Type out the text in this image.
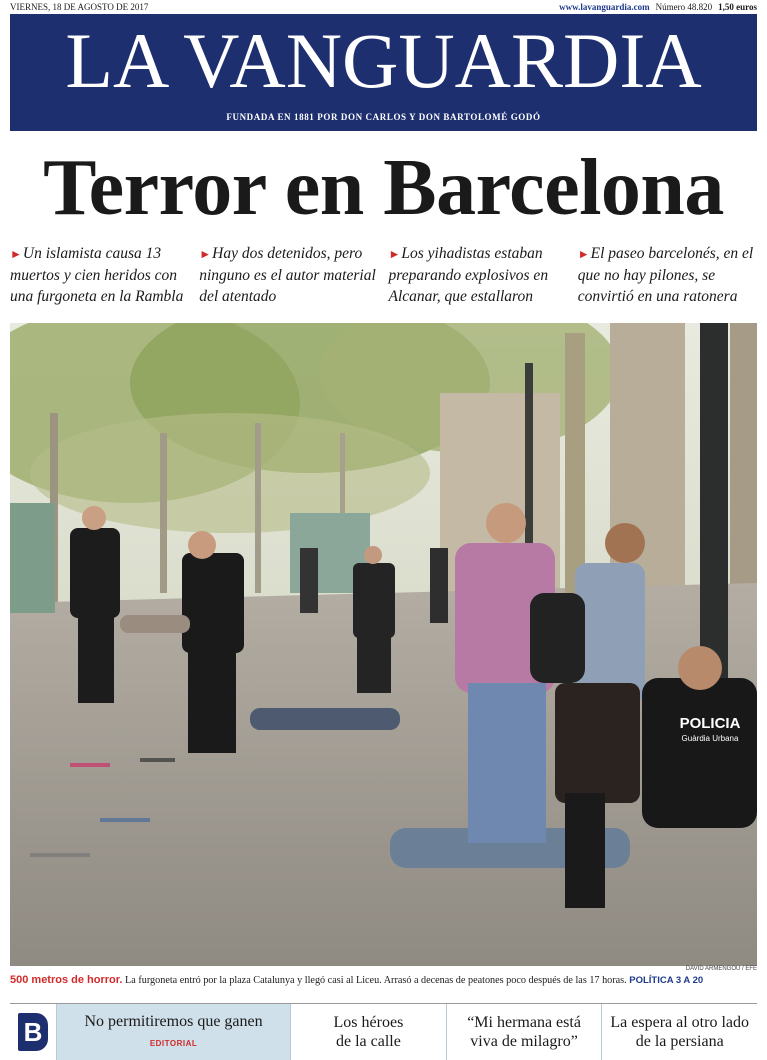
VIERNES, 18 DE AGOSTO DE 2017	www.lavanguardia.com Número 48.820 1,50 euros
LA VANGUARDIA
FUNDADA EN 1881 POR DON CARLOS Y DON BARTOLOMÉ GODÓ
Terror en Barcelona
►Un islamista causa 13 muertos y cien heridos con una furgoneta en la Rambla
►Hay dos detenidos, pero ninguno es el autor material del atentado
►Los yihadistas estaban preparando explosivos en Alcanar, que estallaron
►El paseo barcelonés, en el que no hay pilones, se convirtió en una ratonera
POLICIA
Guàrdia Urbana
DAVID ARMENGOU / EFE
500 metros de horror. La furgoneta entró por la plaza Catalunya y llegó casi al Liceu. Arrasó a decenas de peatones poco después de las 17 horas. POLÍTICA 3 A 20
B	No permitiremos que ganen
EDITORIAL
Los héroes
de la calle
“Mi hermana está
viva de milagro”
La espera al otro lado
de la persiana
